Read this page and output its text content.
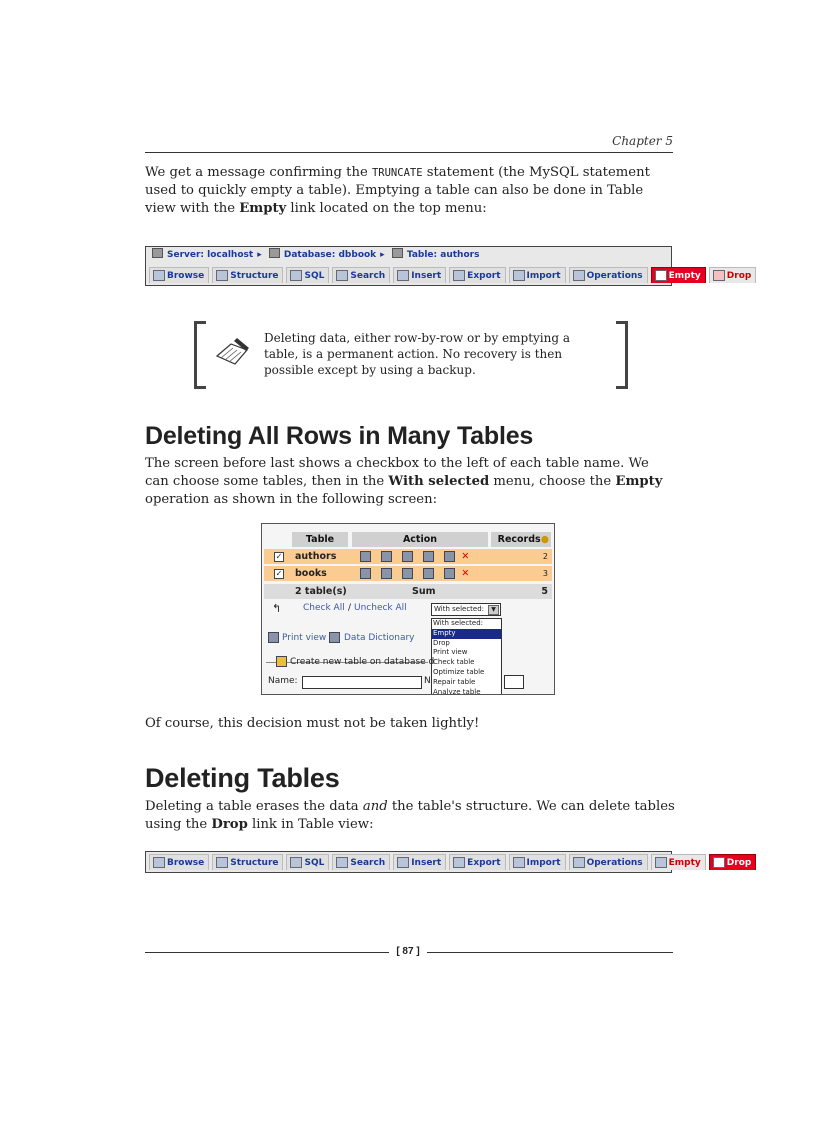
Chapter 5
We get a message confirming the TRUNCATE statement (the MySQL statement used to quickly empty a table). Emptying a table can also be done in Table view with the Empty link located on the top menu:
Server: localhost ▸ Database: dbbook ▸ Table: authors
Browse	Structure	SQL	Search	Insert	Export	Import	Operations	Empty	Drop
Deleting data, either row-by-row or by emptying a table, is a permanent action. No recovery is then possible except by using a backup.
Deleting All Rows in Many Tables
The screen before last shows a checkbox to the left of each table name. We can choose some tables, then in the With selected menu, choose the Empty operation as shown in the following screen:
Table	Action	Records●
✓ authors	✕	2
✓ books	✕	3
2 table(s)	Sum	5
↰ Check All / Uncheck All	With selected:	▼
With selected:
Empty
Drop
Print view
Check table
Optimize table
Repair table
Analyze table
Print view Data Dictionary
Create new table on database d
Name:	N
Of course, this decision must not be taken lightly!
Deleting Tables
Deleting a table erases the data and the table's structure. We can delete tables using the Drop link in Table view:
Browse	Structure	SQL	Search	Insert	Export	Import	Operations	Empty	Drop
[ 87 ]
